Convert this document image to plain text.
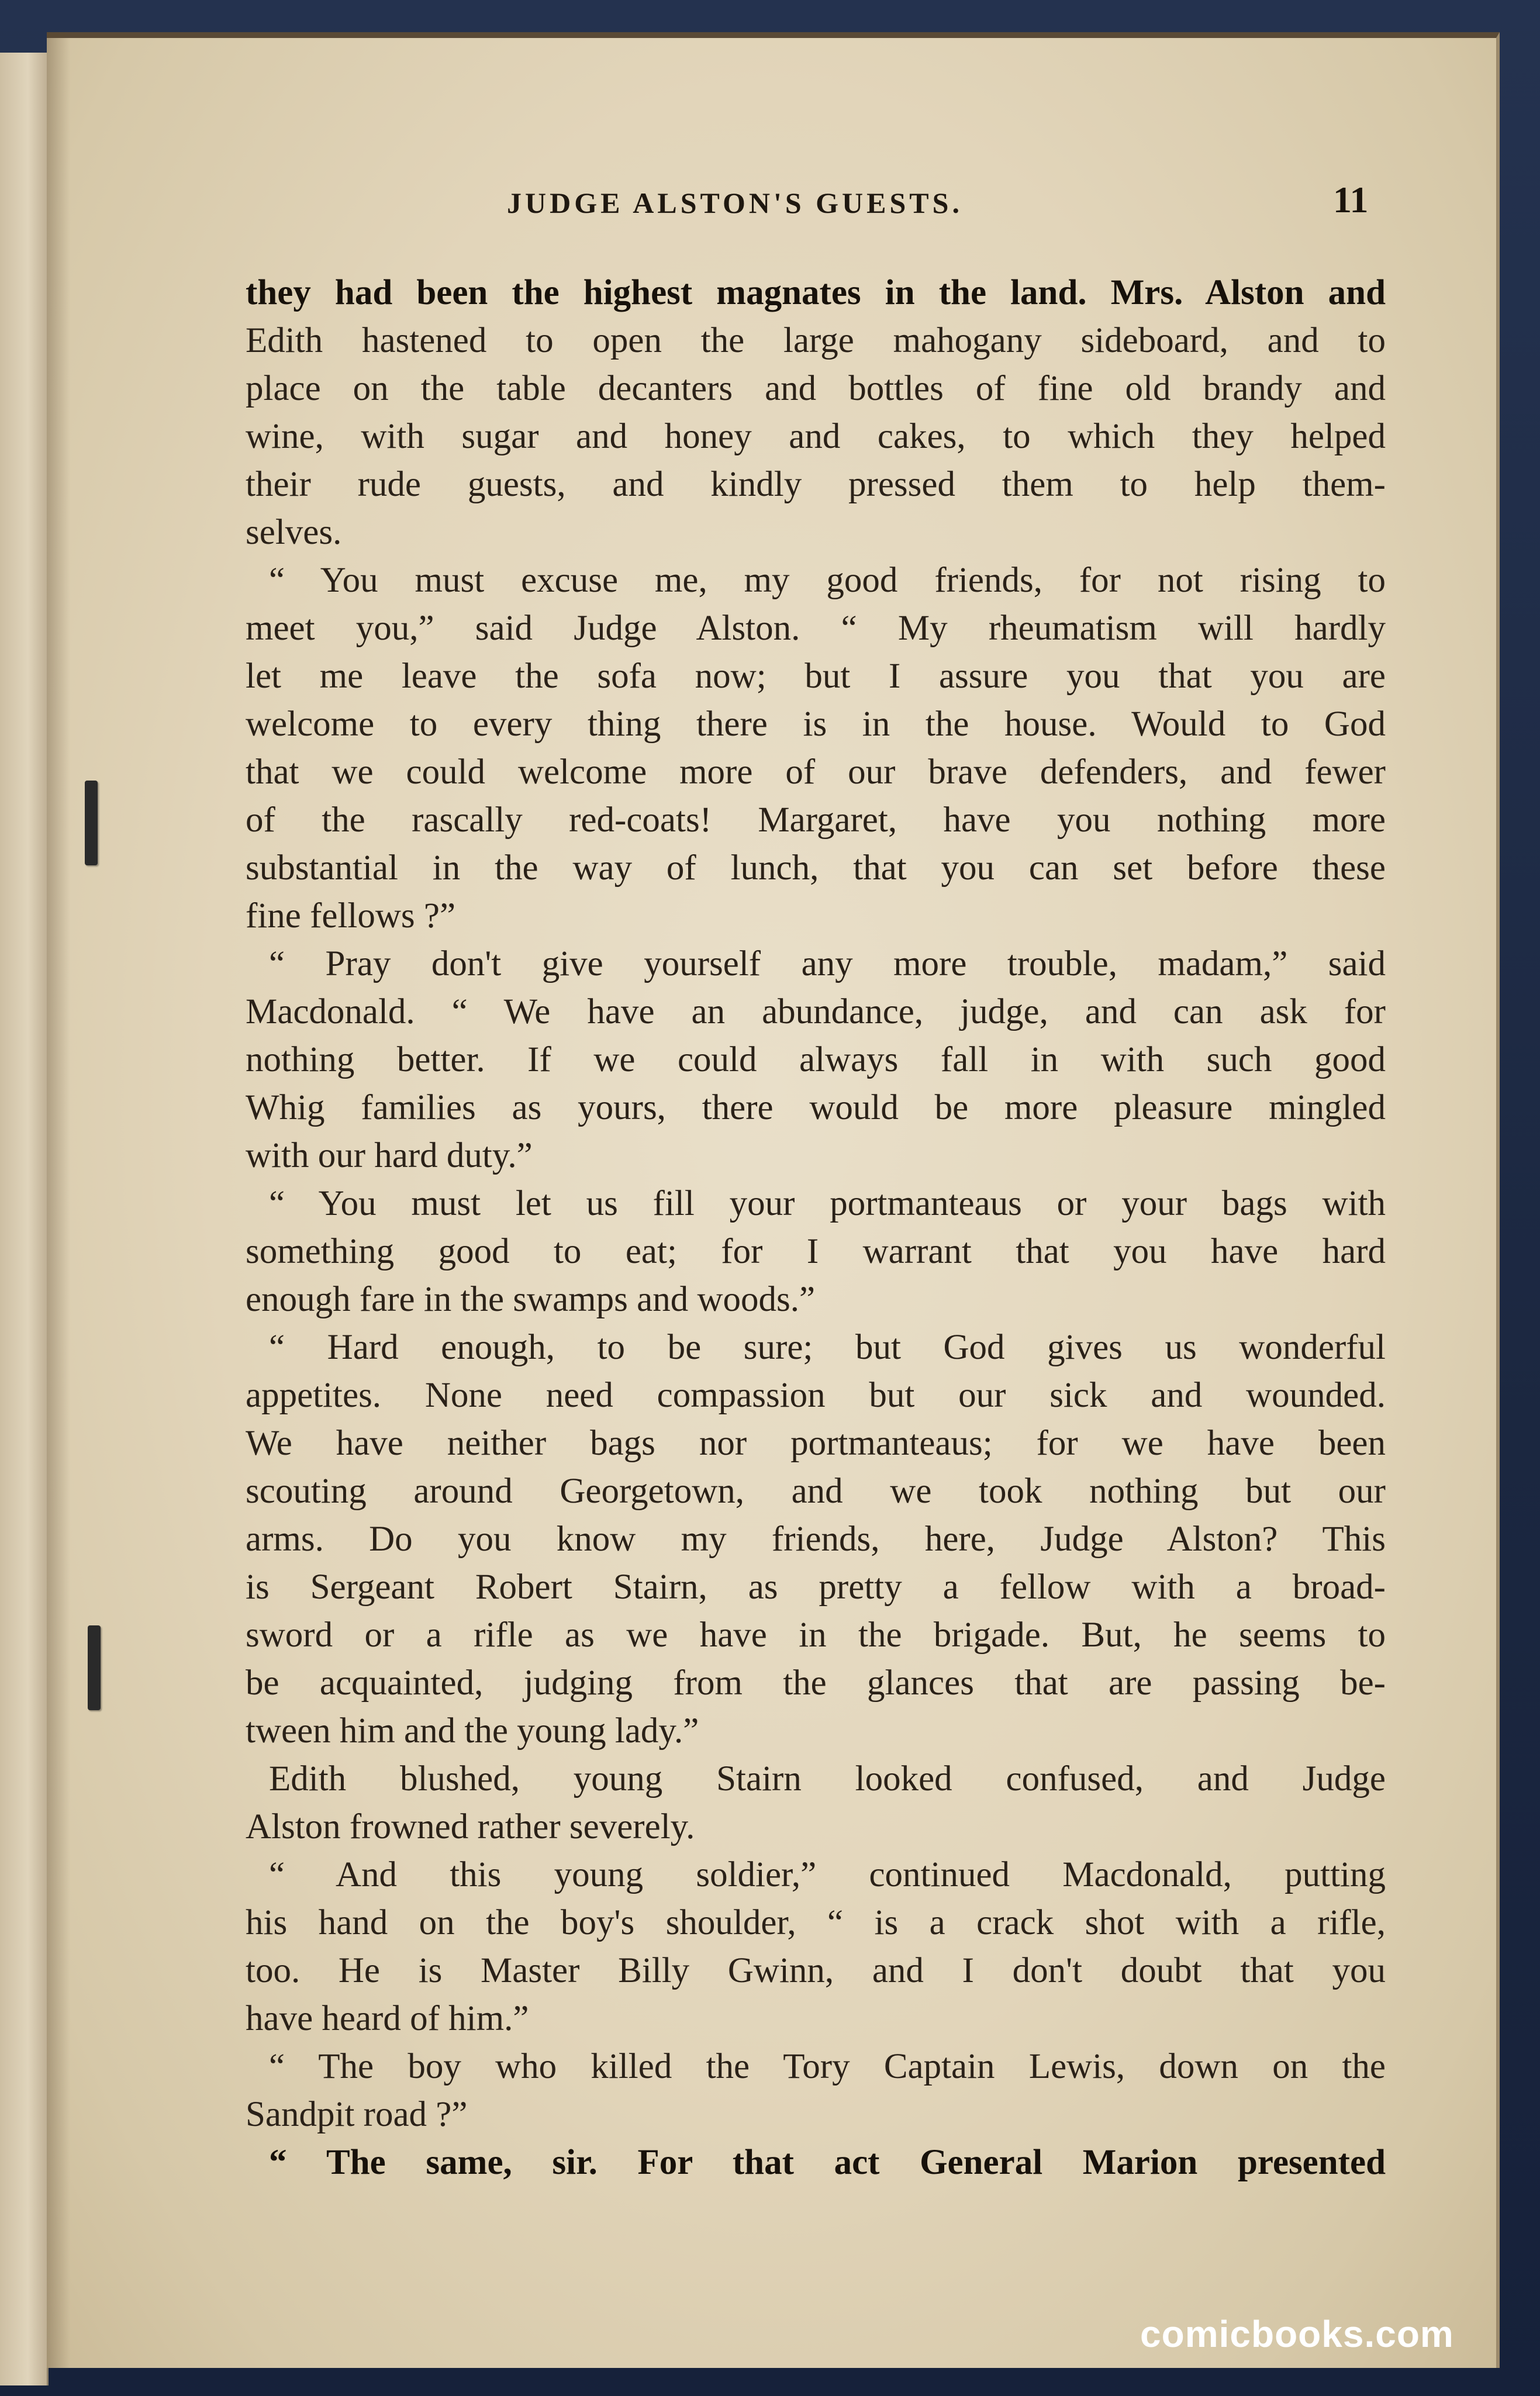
JUDGE ALSTON'S GUESTS.	11
they had been the highest magnates in the land. Mrs. Alston and
Edith hastened to open the large mahogany sideboard, and to
place on the table decanters and bottles of fine old brandy and
wine, with sugar and honey and cakes, to which they helped
their rude guests, and kindly pressed them to help them-
selves.
“ You must excuse me, my good friends, for not rising to
meet you,” said Judge Alston. “ My rheumatism will hardly
let me leave the sofa now; but I assure you that you are
welcome to every thing there is in the house. Would to God
that we could welcome more of our brave defenders, and fewer
of the rascally red-coats! Margaret, have you nothing more
substantial in the way of lunch, that you can set before these
fine fellows ?”
“ Pray don't give yourself any more trouble, madam,” said
Macdonald. “ We have an abundance, judge, and can ask for
nothing better. If we could always fall in with such good
Whig families as yours, there would be more pleasure mingled
with our hard duty.”
“ You must let us fill your portmanteaus or your bags with
something good to eat; for I warrant that you have hard
enough fare in the swamps and woods.”
“ Hard enough, to be sure; but God gives us wonderful
appetites. None need compassion but our sick and wounded.
We have neither bags nor portmanteaus; for we have been
scouting around Georgetown, and we took nothing but our
arms. Do you know my friends, here, Judge Alston? This
is Sergeant Robert Stairn, as pretty a fellow with a broad-
sword or a rifle as we have in the brigade. But, he seems to
be acquainted, judging from the glances that are passing be-
tween him and the young lady.”
Edith blushed, young Stairn looked confused, and Judge
Alston frowned rather severely.
“ And this young soldier,” continued Macdonald, putting
his hand on the boy's shoulder, “ is a crack shot with a rifle,
too. He is Master Billy Gwinn, and I don't doubt that you
have heard of him.”
“ The boy who killed the Tory Captain Lewis, down on the
Sandpit road ?”
“ The same, sir. For that act General Marion presented
comicbooks.com
